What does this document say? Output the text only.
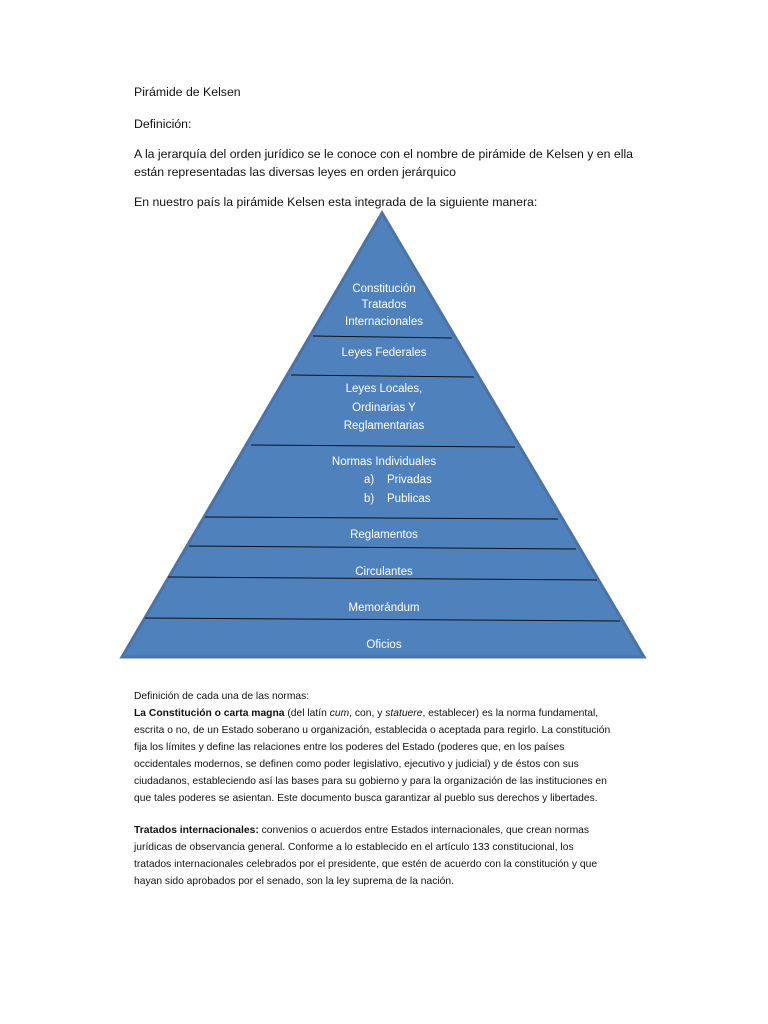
Pirámide de Kelsen

Definición:

A la jerarquía del orden jurídico se le conoce con el nombre de pirámide de Kelsen y en ella

están representadas las diversas leyes en orden jerárquico

En nuestro país la pirámide Kelsen esta integrada de la siguiente manera:

Constitución
Tratados
Internacionales
Leyes Federales
Leyes Locales,
Ordinarias Y
Reglamentarias
Normas Individuales
a)    Privadas
b)    Publicas
Reglamentos
Circulantes
Memorándum
Oficios

Definición de cada una de las normas:

La Constitución o carta magna (del latín cum, con, y statuere, establecer) es la norma fundamental,

escrita o no, de un Estado soberano u organización, establecida o aceptada para regirlo. La constitución

fija los límites y define las relaciones entre los poderes del Estado (poderes que, en los países

occidentales modernos, se definen como poder legislativo, ejecutivo y judicial) y de éstos con sus

ciudadanos, estableciendo así las bases para su gobierno y para la organización de las instituciones en

que tales poderes se asientan. Este documento busca garantizar al pueblo sus derechos y libertades.

Tratados internacionales: convenios o acuerdos entre Estados internacionales, que crean normas

jurídicas de observancia general. Conforme a lo establecido en el artículo 133 constitucional, los

tratados internacionales celebrados por el presidente, que estén de acuerdo con la constitución y que

hayan sido aprobados por el senado, son la ley suprema de la nación.
